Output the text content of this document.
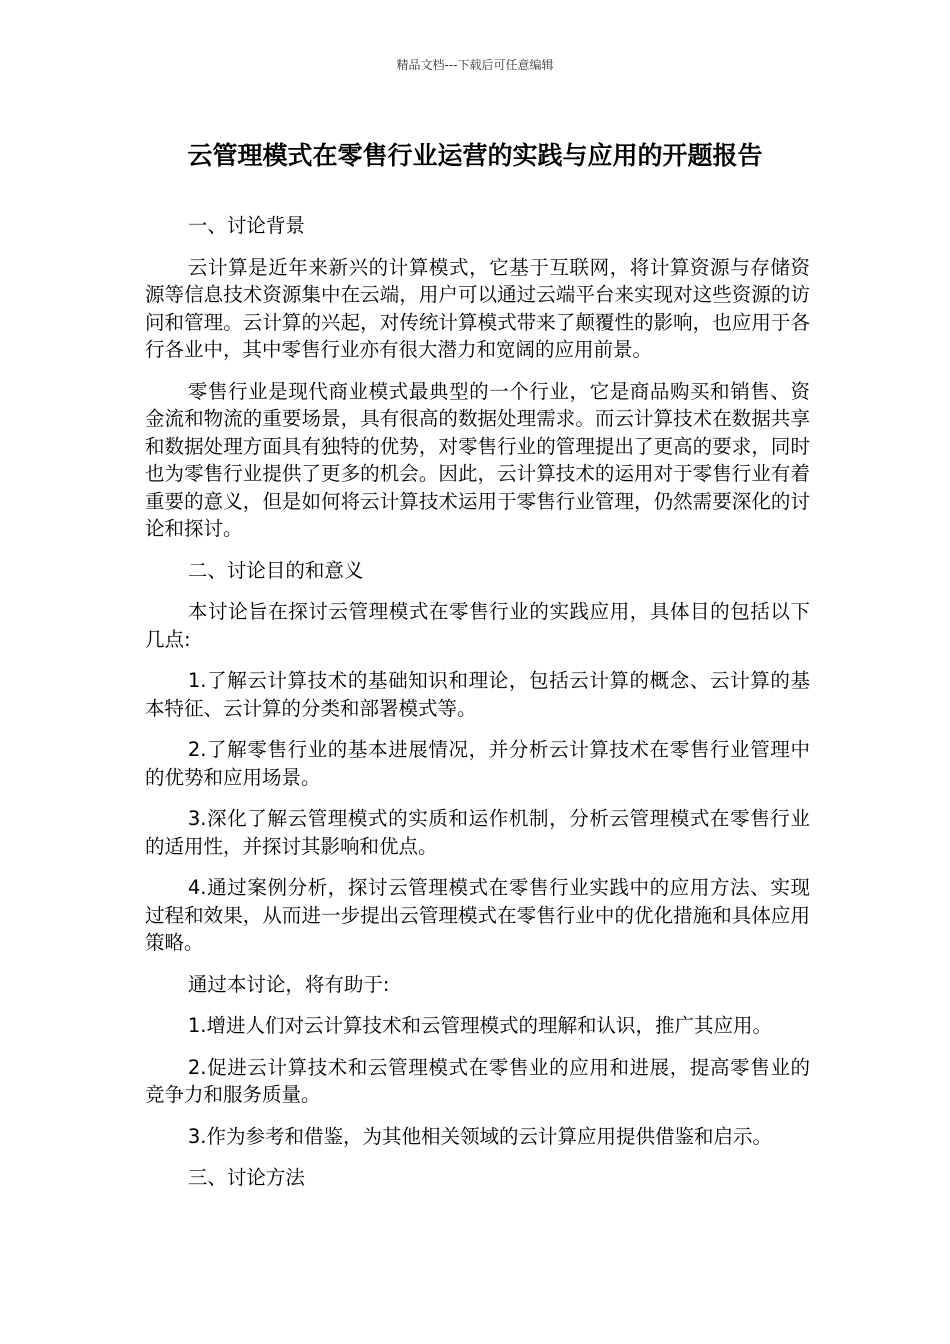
精品文档---下载后可任意编辑
云管理模式在零售行业运营的实践与应用的开题报告

一、讨论背景

云计算是近年来新兴的计算模式，它基于互联网，将计算资源与存储资源等信息技术资源集中在云端，用户可以通过云端平台来实现对这些资源的访问和管理。云计算的兴起，对传统计算模式带来了颠覆性的影响，也应用于各行各业中，其中零售行业亦有很大潜力和宽阔的应用前景。

零售行业是现代商业模式最典型的一个行业，它是商品购买和销售、资金流和物流的重要场景，具有很高的数据处理需求。而云计算技术在数据共享和数据处理方面具有独特的优势，对零售行业的管理提出了更高的要求，同时也为零售行业提供了更多的机会。因此，云计算技术的运用对于零售行业有着重要的意义，但是如何将云计算技术运用于零售行业管理，仍然需要深化的讨论和探讨。

二、讨论目的和意义

本讨论旨在探讨云管理模式在零售行业的实践应用，具体目的包括以下几点:

1.了解云计算技术的基础知识和理论，包括云计算的概念、云计算的基本特征、云计算的分类和部署模式等。

2.了解零售行业的基本进展情况，并分析云计算技术在零售行业管理中的优势和应用场景。

3.深化了解云管理模式的实质和运作机制，分析云管理模式在零售行业的适用性，并探讨其影响和优点。

4.通过案例分析，探讨云管理模式在零售行业实践中的应用方法、实现过程和效果，从而进一步提出云管理模式在零售行业中的优化措施和具体应用策略。

通过本讨论，将有助于:

1.增进人们对云计算技术和云管理模式的理解和认识，推广其应用。

2.促进云计算技术和云管理模式在零售业的应用和进展，提高零售业的竞争力和服务质量。

3.作为参考和借鉴，为其他相关领域的云计算应用提供借鉴和启示。

三、讨论方法
